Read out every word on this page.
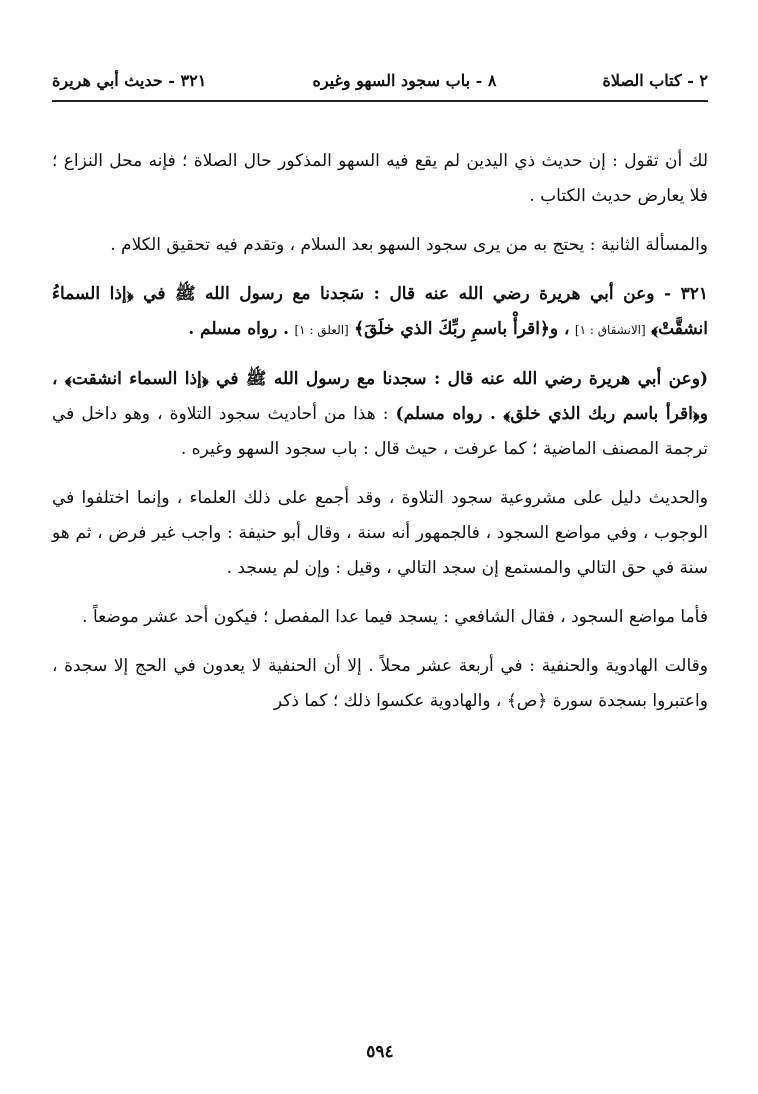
٢ - كتاب الصلاة
٨ - باب سجود السهو وغيره
٣٢١ - حديث أبي هريرة

لك أن تقول : إن حديث ذي اليدين لم يقع فيه السهو المذكور حال الصلاة ؛ فإنه محل النزاع ؛ فلا يعارض حديث الكتاب .

والمسألة الثانية : يحتج به من يرى سجود السهو بعد السلام ، وتقدم فيه تحقيق الكلام .

٣٢١ - وعن أبي هريرة رضي الله عنه قال : سَجدنا مع رسول الله ﷺ في ﴿إذا السماءُ انشقَّتْ﴾ [الانشقاق : ١] ، و﴿اقرأْ باسمِ ربِّكَ الذي خلَقَ﴾ [العلق : ١] . رواه مسلم .

(وعن أبي هريرة رضي الله عنه قال : سجدنا مع رسول الله ﷺ في ﴿إذا السماء انشقت﴾ ، و﴿اقرأ باسم ربك الذي خلق﴾ . رواه مسلم) : هذا من أحاديث سجود التلاوة ، وهو داخل في ترجمة المصنف الماضية ؛ كما عرفت ، حيث قال : باب سجود السهو وغيره .

والحديث دليل على مشروعية سجود التلاوة ، وقد أجمع على ذلك العلماء ، وإنما اختلفوا في الوجوب ، وفي مواضع السجود ، فالجمهور أنه سنة ، وقال أبو حنيفة : واجب غير فرض ، ثم هو سنة في حق التالي والمستمع إن سجد التالي ، وقيل : وإن لم يسجد .

فأما مواضع السجود ، فقال الشافعي : يسجد فيما عدا المفصل ؛ فيكون أحد عشر موضعاً .

وقالت الهادوية والحنفية : في أربعة عشر محلاً . إلا أن الحنفية لا يعدون في الحج إلا سجدة ، واعتبروا بسجدة سورة ﴿ص﴾ ، والهادوية عكسوا ذلك ؛ كما ذكر

٥٩٤
